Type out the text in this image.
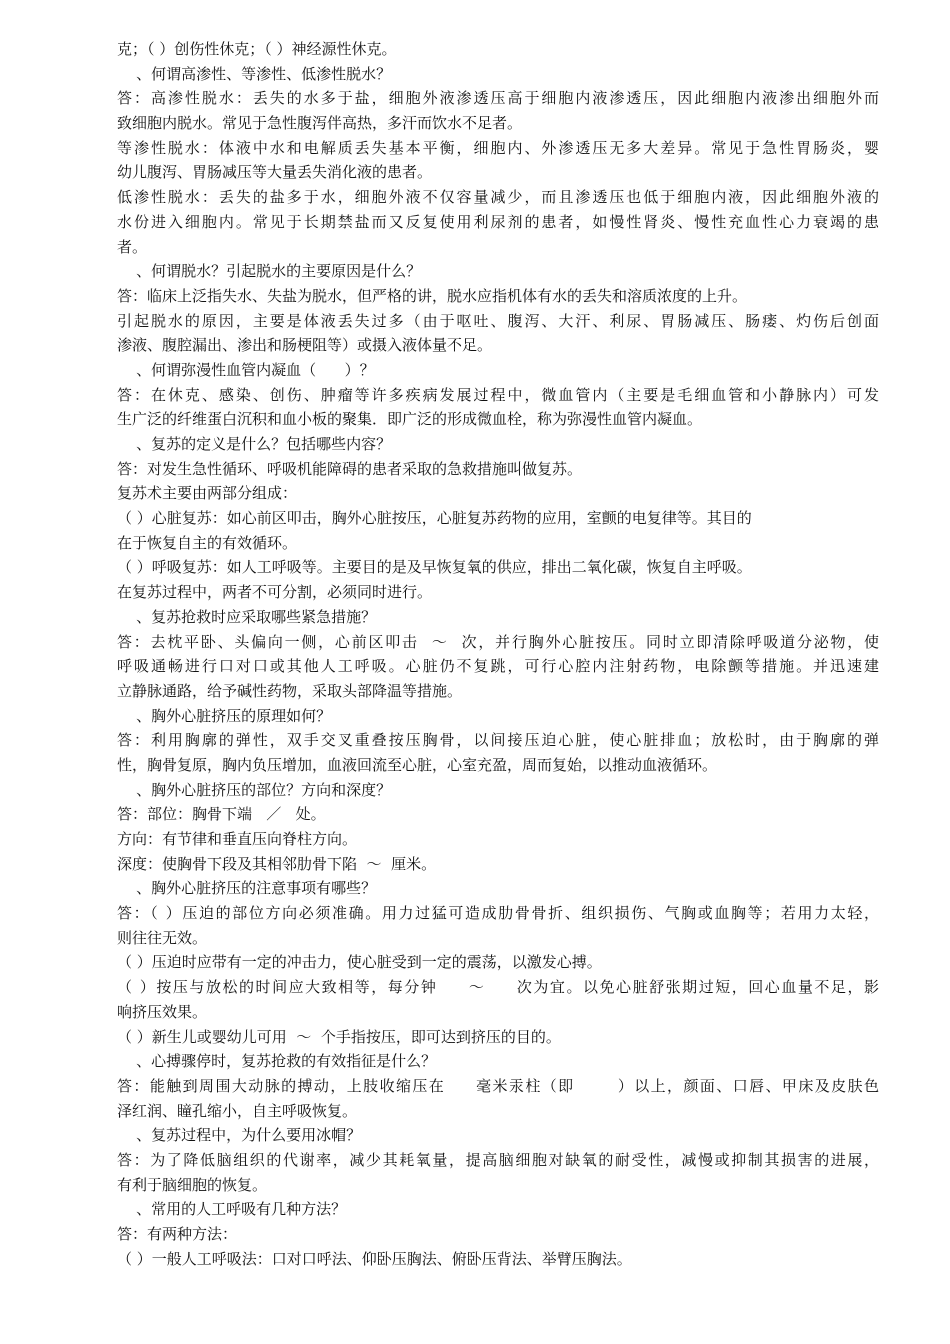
克；（ ）创伤性休克；（ ）神经源性休克。
、何谓高渗性、等渗性、低渗性脱水？
答：高渗性脱水：丢失的水多于盐，细胞外液渗透压高于细胞内液渗透压，因此细胞内液渗出细胞外而
致细胞内脱水。常见于急性腹泻伴高热，多汗而饮水不足者。
等渗性脱水：体液中水和电解质丢失基本平衡，细胞内、外渗透压无多大差异。常见于急性胃肠炎，婴
幼儿腹泻、胃肠减压等大量丢失消化液的患者。
低渗性脱水：丢失的盐多于水，细胞外液不仅容量减少，而且渗透压也低于细胞内液，因此细胞外液的
水份进入细胞内。常见于长期禁盐而又反复使用利尿剂的患者，如慢性肾炎、慢性充血性心力衰竭的患
者。
、何谓脱水？引起脱水的主要原因是什么？
答：临床上泛指失水、失盐为脱水，但严格的讲，脱水应指机体有水的丢失和溶质浓度的上升。
引起脱水的原因，主要是体液丢失过多（由于呕吐、腹泻、大汗、利尿、胃肠减压、肠瘘、灼伤后创面
渗液、腹腔漏出、渗出和肠梗阻等）或摄入液体量不足。
、何谓弥漫性血管内凝血（      ）？
答：在休克、感染、创伤、肿瘤等许多疾病发展过程中，微血管内（主要是毛细血管和小静脉内）可发
生广泛的纤维蛋白沉积和血小板的聚集．即广泛的形成微血栓，称为弥漫性血管内凝血。
、复苏的定义是什么？包括哪些内容？
答：对发生急性循环、呼吸机能障碍的患者采取的急救措施叫做复苏。
复苏术主要由两部分组成：
（ ）心脏复苏：如心前区叩击，胸外心脏按压，心脏复苏药物的应用，室颤的电复律等。其目的
在于恢复自主的有效循环。
（ ）呼吸复苏：如人工呼吸等。主要目的是及早恢复氧的供应，排出二氧化碳，恢复自主呼吸。
在复苏过程中，两者不可分割，必须同时进行。
、复苏抢救时应采取哪些紧急措施？
答：去枕平卧、头偏向一侧，心前区叩击  ～  次，并行胸外心脏按压。同时立即清除呼吸道分泌物，使
呼吸通畅进行口对口或其他人工呼吸。心脏仍不复跳，可行心腔内注射药物，电除颤等措施。并迅速建
立静脉通路，给予碱性药物，采取头部降温等措施。
、胸外心脏挤压的原理如何？
答：利用胸廓的弹性，双手交叉重叠按压胸骨，以间接压迫心脏，使心脏排血；放松时，由于胸廓的弹
性，胸骨复原，胸内负压增加，血液回流至心脏，心室充盈，周而复始，以推动血液循环。
、胸外心脏挤压的部位？方向和深度？
答：部位：胸骨下端   ／   处。
方向：有节律和垂直压向脊柱方向。
深度：使胸骨下段及其相邻肋骨下陷  ～  厘米。
、胸外心脏挤压的注意事项有哪些？
答：（ ）压迫的部位方向必须准确。用力过猛可造成肋骨骨折、组织损伤、气胸或血胸等；若用力太轻，
则往往无效。
（ ）压迫时应带有一定的冲击力，使心脏受到一定的震荡，以激发心搏。
（ ）按压与放松的时间应大致相等，每分钟     ～     次为宜。以免心脏舒张期过短，回心血量不足，影
响挤压效果。
（ ）新生儿或婴幼儿可用  ～  个手指按压，即可达到挤压的目的。
、心搏骤停时，复苏抢救的有效指征是什么？
答：能触到周围大动脉的搏动，上肢收缩压在     毫米汞柱（即       ）以上，颜面、口唇、甲床及皮肤色
泽红润、瞳孔缩小，自主呼吸恢复。
、复苏过程中，为什么要用冰帽？
答：为了降低脑组织的代谢率，减少其耗氧量，提高脑细胞对缺氧的耐受性，减慢或抑制其损害的进展，
有利于脑细胞的恢复。
、常用的人工呼吸有几种方法？
答：有两种方法：
（ ）一般人工呼吸法：口对口呼法、仰卧压胸法、俯卧压背法、举臂压胸法。
